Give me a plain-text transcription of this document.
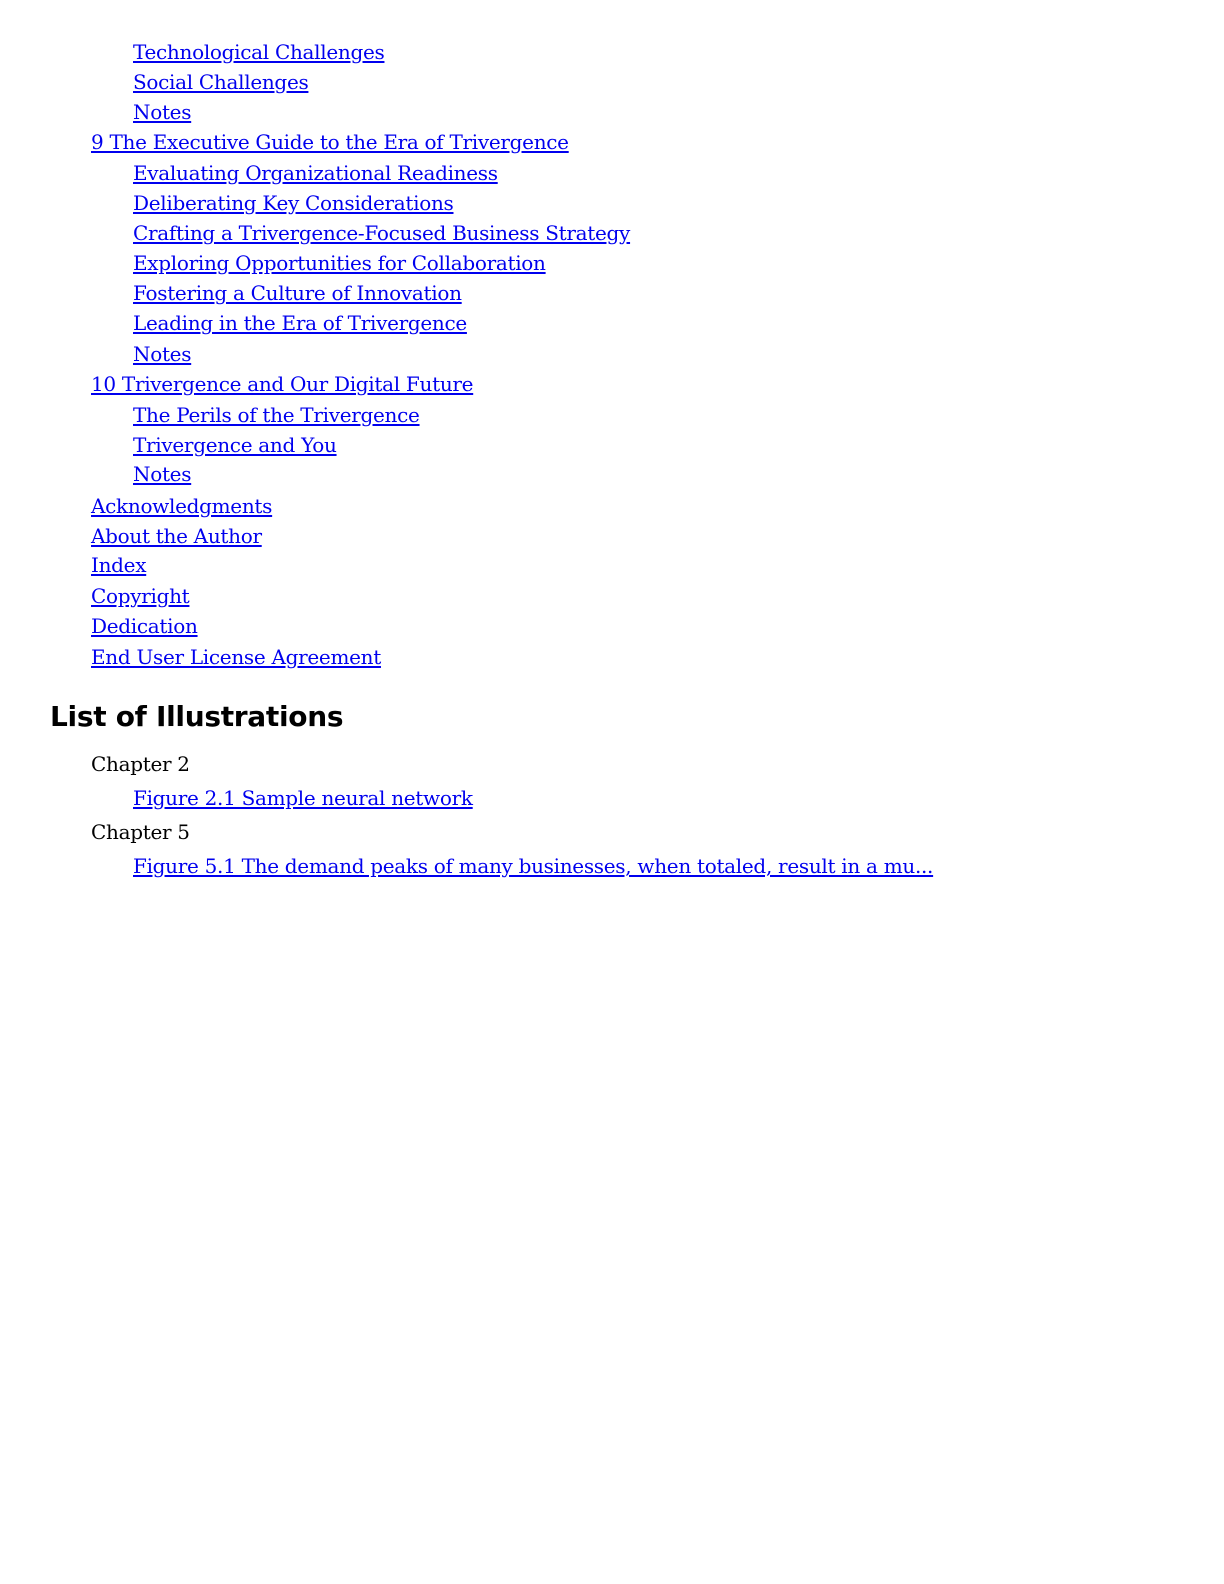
Technological Challenges
Social Challenges
Notes
9 The Executive Guide to the Era of Trivergence
Evaluating Organizational Readiness
Deliberating Key Considerations
Crafting a Trivergence-Focused Business Strategy
Exploring Opportunities for Collaboration
Fostering a Culture of Innovation
Leading in the Era of Trivergence
Notes
10 Trivergence and Our Digital Future
The Perils of the Trivergence
Trivergence and You
Notes
Acknowledgments
About the Author
Index
Copyright
Dedication
End User License Agreement
List of Illustrations
Chapter 2
Figure 2.1 Sample neural network
Chapter 5
Figure 5.1 The demand peaks of many businesses, when totaled, result in a mu...
